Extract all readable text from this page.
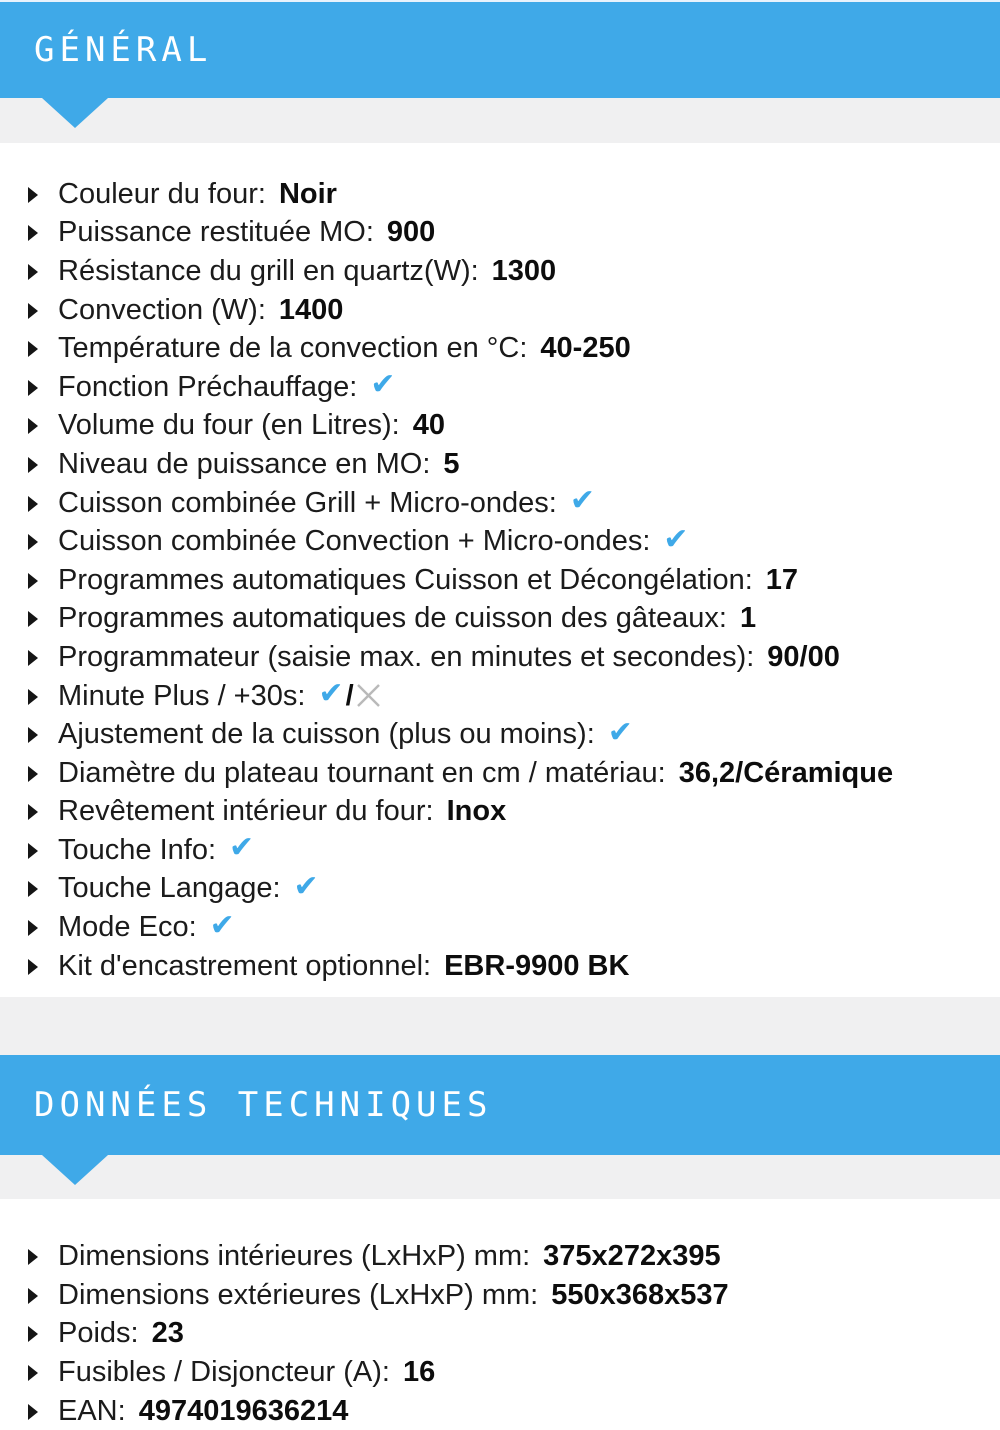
GÉNÉRAL
Couleur du four: Noir
Puissance restituée MO: 900
Résistance du grill en quartz(W): 1300
Convection (W): 1400
Température de la convection en °C: 40-250
Fonction Préchauffage: ✔
Volume du four (en Litres): 40
Niveau de puissance en MO: 5
Cuisson combinée Grill + Micro-ondes: ✔
Cuisson combinée Convection + Micro-ondes: ✔
Programmes automatiques Cuisson et Décongélation: 17
Programmes automatiques de cuisson des gâteaux: 1
Programmateur (saisie max. en minutes et secondes): 90/00
Minute Plus / +30s: ✔ /
Ajustement de la cuisson (plus ou moins): ✔
Diamètre du plateau tournant en cm / matériau: 36,2/Céramique
Revêtement intérieur du four: Inox
Touche Info: ✔
Touche Langage: ✔
Mode Eco: ✔
Kit d'encastrement optionnel: EBR-9900 BK
DONNÉES TECHNIQUES
Dimensions intérieures (LxHxP) mm: 375x272x395
Dimensions extérieures (LxHxP) mm: 550x368x537
Poids: 23
Fusibles / Disjoncteur (A): 16
EAN: 4974019636214
